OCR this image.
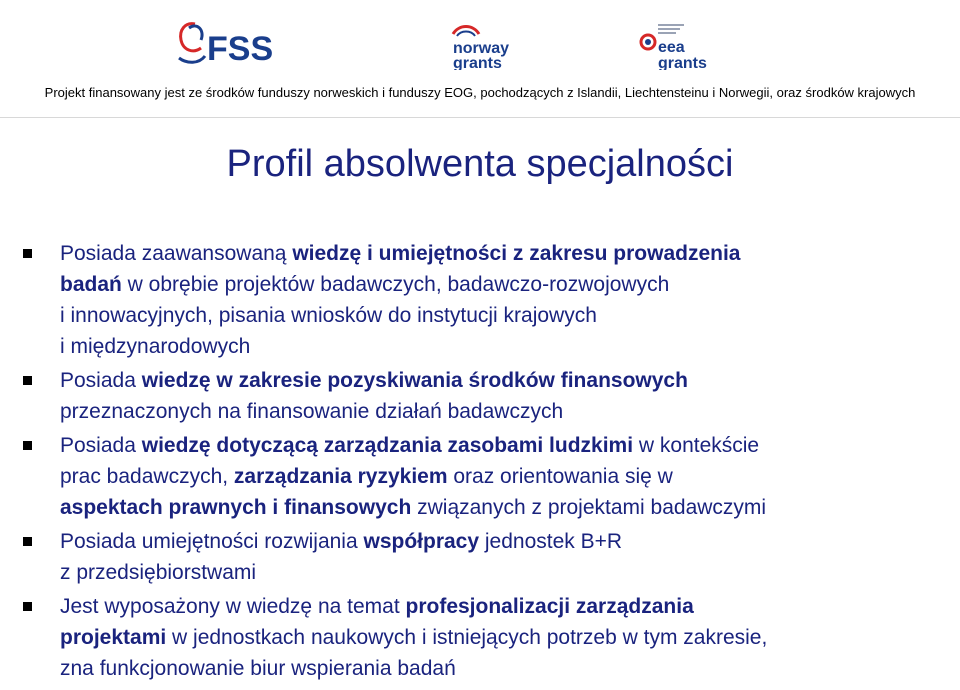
FSS	norway
grants
eea
grants
Projekt finansowany jest ze środków funduszy norweskich i funduszy EOG, pochodzących z Islandii, Liechtensteinu i Norwegii, oraz środków krajowych
Profil absolwenta specjalności
Posiada zaawansowaną wiedzę i umiejętności z zakresu prowadzenia
badań w obrębie projektów badawczych, badawczo-rozwojowych
i innowacyjnych, pisania wniosków do instytucji krajowych
i międzynarodowych
Posiada wiedzę w zakresie pozyskiwania środków finansowych
przeznaczonych na finansowanie działań badawczych
Posiada wiedzę dotyczącą zarządzania zasobami ludzkimi w kontekście
prac badawczych, zarządzania ryzykiem oraz orientowania się w
aspektach prawnych i finansowych związanych z projektami badawczymi
Posiada umiejętności rozwijania współpracy jednostek B+R
z przedsiębiorstwami
Jest wyposażony w wiedzę na temat profesjonalizacji zarządzania
projektami w jednostkach naukowych i istniejących potrzeb w tym zakresie,
zna funkcjonowanie biur wspierania badań
